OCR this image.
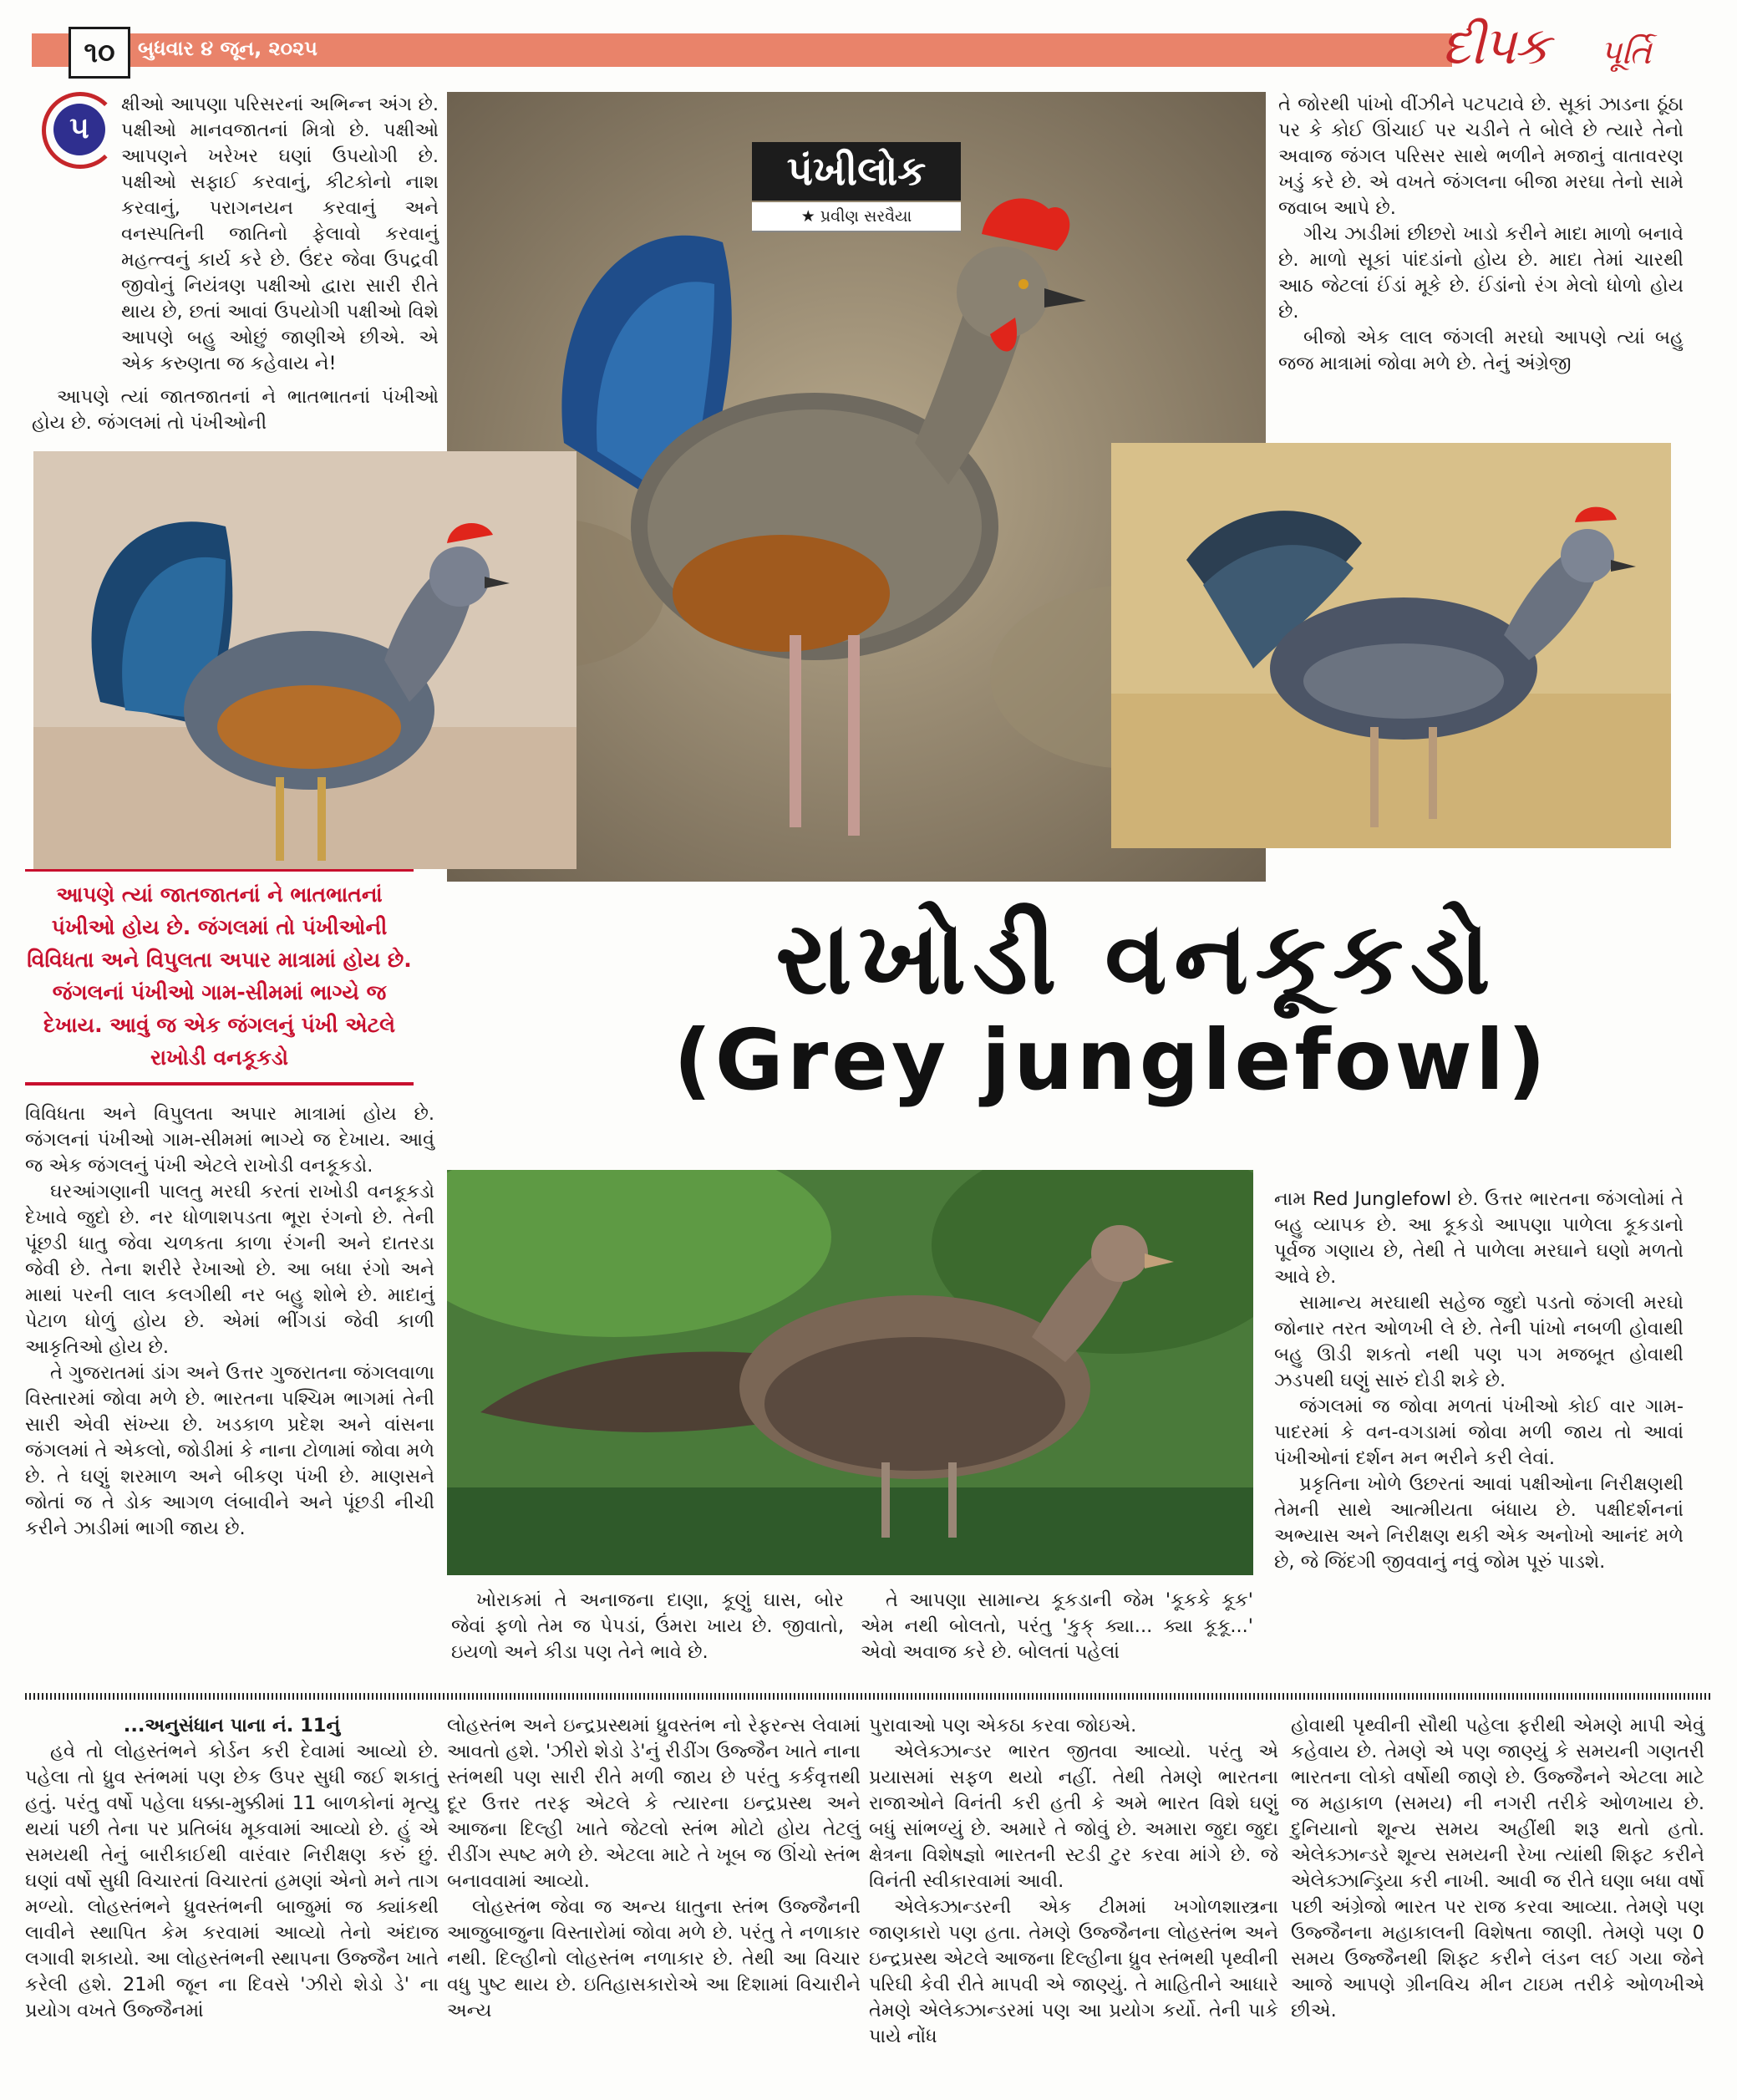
૧૦	બુધવાર ૪ જૂન, ૨૦૨૫	દીપક પૂર્તિ
૫
પંખીલોક
★ પ્રવીણ સરવૈયા

ક્ષીઓ આપણા પરિસરનાં અભિન્ન અંગ છે. પક્ષીઓ માનવજાતનાં મિત્રો છે. પક્ષીઓ આપણને ખરેખર ઘણાં ઉપયોગી છે. પક્ષીઓ સફાઈ કરવાનું, કીટકોનો નાશ કરવાનું, પરાગનયન કરવાનું અને વનસ્પતિની જાતિનો ફેલાવો કરવાનું મહત્ત્વનું કાર્ય કરે છે. ઉંદર જેવા ઉપદ્રવી જીવોનું નિયંત્રણ પક્ષીઓ દ્વારા સારી રીતે થાય છે, છતાં આવાં ઉપયોગી પક્ષીઓ વિશે આપણે બહુ ઓછું જાણીએ છીએ. એ એક કરુણતા જ કહેવાય ને!

આપણે ત્યાં જાતજાતનાં ને ભાતભાતનાં પંખીઓ હોય છે. જંગલમાં તો પંખીઓની

તે જોરથી પાંખો વીંઝીને પટપટાવે છે. સૂકાં ઝાડના ઠૂંઠા પર કે કોઈ ઊંચાઈ પર ચડીને તે બોલે છે ત્યારે તેનો અવાજ જંગલ પરિસર સાથે ભળીને મજાનું વાતાવરણ ખડું કરે છે. એ વખતે જંગલના બીજા મરઘા તેનો સામે જવાબ આપે છે.

ગીચ ઝાડીમાં છીછરો ખાડો કરીને માદા માળો બનાવે છે. માળો સૂકાં પાંદડાંનો હોય છે. માદા તેમાં ચારથી આઠ જેટલાં ઈંડાં મૂકે છે. ઈંડાંનો રંગ મેલો ધોળો હોય છે.

બીજો એક લાલ જંગલી મરઘો આપણે ત્યાં બહુ જજ માત્રામાં જોવા મળે છે. તેનું અંગ્રેજી

આપણે ત્યાં જાતજાતનાં ને ભાતભાતનાં પંખીઓ હોય છે. જંગલમાં તો પંખીઓની વિવિધતા અને વિપુલતા અપાર માત્રામાં હોય છે. જંગલનાં પંખીઓ ગામ-સીમમાં ભાગ્યે જ દેખાય. આવું જ એક જંગલનું પંખી એટલે રાખોડી વનકૂકડો
રાખોડી વનકૂકડો
(Grey junglefowl)

વિવિધતા અને વિપુલતા અપાર માત્રામાં હોય છે. જંગલનાં પંખીઓ ગામ-સીમમાં ભાગ્યે જ દેખાય. આવું જ એક જંગલનું પંખી એટલે રાખોડી વનકૂકડો.

ઘરઆંગણાની પાલતુ મરઘી કરતાં રાખોડી વનકૂકડો દેખાવે જુદો છે. નર ધોળાશપડતા ભૂરા રંગનો છે. તેની પૂંછડી ધાતુ જેવા ચળકતા કાળા રંગની અને દાતરડા જેવી છે. તેના શરીરે રેખાઓ છે. આ બધા રંગો અને માથાં પરની લાલ કલગીથી નર બહુ શોભે છે. માદાનું પેટાળ ધોળું હોય છે. એમાં ભીંગડાં જેવી કાળી આકૃતિઓ હોય છે.

તે ગુજરાતમાં ડાંગ અને ઉત્તર ગુજરાતના જંગલવાળા વિસ્તારમાં જોવા મળે છે. ભારતના પશ્ચિમ ભાગમાં તેની સારી એવી સંખ્યા છે. ખડકાળ પ્રદેશ અને વાંસના જંગલમાં તે એકલો, જોડીમાં કે નાના ટોળામાં જોવા મળે છે. તે ઘણું શરમાળ અને બીકણ પંખી છે. માણસને જોતાં જ તે ડોક આગળ લંબાવીને અને પૂંછડી નીચી કરીને ઝાડીમાં ભાગી જાય છે.

ખોરાકમાં તે અનાજના દાણા, કૂણું ઘાસ, બોર જેવાં ફળો તેમ જ પેપડાં, ઉંમરા ખાય છે. જીવાતો, ઇયળો અને કીડા પણ તેને ભાવે છે.

તે આપણા સામાન્ય કૂકડાની જેમ 'કૂકકે કૂક' એમ નથી બોલતો, પરંતુ 'કુક્ ક્યા... ક્યા કૂકૂ...' એવો અવાજ કરે છે. બોલતાં પહેલાં

નામ Red Junglefowl છે. ઉત્તર ભારતના જંગલોમાં તે બહુ વ્યાપક છે. આ કૂકડો આપણા પાળેલા કૂકડાનો પૂર્વજ ગણાય છે, તેથી તે પાળેલા મરઘાને ઘણો મળતો આવે છે.

સામાન્ય મરઘાથી સહેજ જુદો પડતો જંગલી મરઘો જોનાર તરત ઓળખી લે છે. તેની પાંખો નબળી હોવાથી બહુ ઊડી શકતો નથી પણ પગ મજબૂત હોવાથી ઝડપથી ઘણું સારું દોડી શકે છે.

જંગલમાં જ જોવા મળતાં પંખીઓ કોઈ વાર ગામ-પાદરમાં કે વન-વગડામાં જોવા મળી જાય તો આવાં પંખીઓનાં દર્શન મન ભરીને કરી લેવાં.

પ્રકૃતિના ખોળે ઉછરતાં આવાં પક્ષીઓના નિરીક્ષણથી તેમની સાથે આત્મીયતા બંધાય છે. પક્ષીદર્શનનાં અભ્યાસ અને નિરીક્ષણ થકી એક અનોખો આનંદ મળે છે, જે જિંદગી જીવવાનું નવું જોમ પૂરું પાડશે.

...અનુસંધાન પાના નં. 11નું

હવે તો લોહસ્તંભને કોર્ડન કરી દેવામાં આવ્યો છે. પહેલા તો ધ્રુવ સ્તંભમાં પણ છેક ઉપર સુધી જઈ શકાતું હતું. પરંતુ વર્ષો પહેલા ધક્કા-મુક્કીમાં 11 બાળકોનાં મૃત્યુ થયાં પછી તેના પર પ્રતિબંધ મૂકવામાં આવ્યો છે. હું એ સમયથી તેનું બારીકાઈથી વારંવાર નિરીક્ષણ કરું છું. ઘણાં વર્ષો સુધી વિચારતાં વિચારતાં હમણાં એનો મને તાગ મળ્યો. લોહસ્તંભને ધ્રુવસ્તંભની બાજુમાં જ ક્યાંકથી લાવીને સ્થાપિત કેમ કરવામાં આવ્યો તેનો અંદાજ લગાવી શકાયો. આ લોહસ્તંભની સ્થાપના ઉજ્જૈન ખાતે કરેલી હશે. 21મી જૂન ના દિવસે 'ઝીરો શેડો ડે' ના પ્રયોગ વખતે ઉજ્જૈનમાં

લોહસ્તંભ અને ઇન્દ્રપ્રસ્થમાં ધ્રુવસ્તંભ નો રેફરન્સ લેવામાં આવતો હશે. 'ઝીરો શેડો ડે'નું રીડીંગ ઉજ્જૈન ખાતે નાના સ્તંભથી પણ સારી રીતે મળી જાય છે પરંતુ કર્કવૃત્તથી દૂર ઉત્તર તરફ એટલે કે ત્યારના ઇન્દ્રપ્રસ્થ અને આજના દિલ્હી ખાતે જેટલો સ્તંભ મોટો હોય તેટલું રીડીંગ સ્પષ્ટ મળે છે. એટલા માટે તે ખૂબ જ ઊંચો સ્તંભ બનાવવામાં આવ્યો.

લોહસ્તંભ જેવા જ અન્ય ધાતુના સ્તંભ ઉજ્જૈનની આજુબાજુના વિસ્તારોમાં જોવા મળે છે. પરંતુ તે નળાકાર નથી. દિલ્હીનો લોહસ્તંભ નળાકાર છે. તેથી આ વિચાર વધુ પુષ્ટ થાય છે. ઇતિહાસકારોએ આ દિશામાં વિચારીને અન્ય

પુરાવાઓ પણ એકઠા કરવા જોઇએ.

એલેક્ઝાન્ડર ભારત જીતવા આવ્યો. પરંતુ એ પ્રયાસમાં સફળ થયો નહીં. તેથી તેમણે ભારતના રાજાઓને વિનંતી કરી હતી કે અમે ભારત વિશે ઘણું બધું સાંભળ્યું છે. અમારે તે જોવું છે. અમારા જુદા જુદા ક્ષેત્રના વિશેષજ્ઞો ભારતની સ્ટડી ટુર કરવા માંગે છે. જે વિનંતી સ્વીકારવામાં આવી.

એલેક્ઝાન્ડરની એક ટીમમાં ખગોળશાસ્ત્રના જાણકારો પણ હતા. તેમણે ઉજ્જૈનના લોહસ્તંભ અને ઇન્દ્રપ્રસ્થ એટલે આજના દિલ્હીના ધ્રુવ સ્તંભથી પૃથ્વીની પરિઘી કેવી રીતે માપવી એ જાણ્યું. તે માહિતીને આધારે તેમણે એલેક્ઝાન્ડરમાં પણ આ પ્રયોગ કર્યો. તેની પાકે પાયે નોંધ

હોવાથી પૃથ્વીની સૌથી પહેલા ફરીથી એમણે માપી એવું કહેવાય છે. તેમણે એ પણ જાણ્યું કે સમયની ગણતરી ભારતના લોકો વર્ષોથી જાણે છે. ઉજ્જૈનને એટલા માટે જ મહાકાળ (સમય) ની નગરી તરીકે ઓળખાય છે. દુનિયાનો શૂન્ય સમય અહીંથી શરૂ થતો હતો. એલેક્ઝાન્ડરે શૂન્ય સમયની રેખા ત્યાંથી શિફ્ટ કરીને એલેક્ઝાન્ડ્રિયા કરી નાખી. આવી જ રીતે ઘણા બધા વર્ષો પછી અંગ્રેજો ભારત પર રાજ કરવા આવ્યા. તેમણે પણ ઉજ્જૈનના મહાકાલની વિશેષતા જાણી. તેમણે પણ 0 સમય ઉજ્જૈનથી શિફ્ટ કરીને લંડન લઈ ગયા જેને આજે આપણે ગ્રીનવિચ મીન ટાઇમ તરીકે ઓળખીએ છીએ.
